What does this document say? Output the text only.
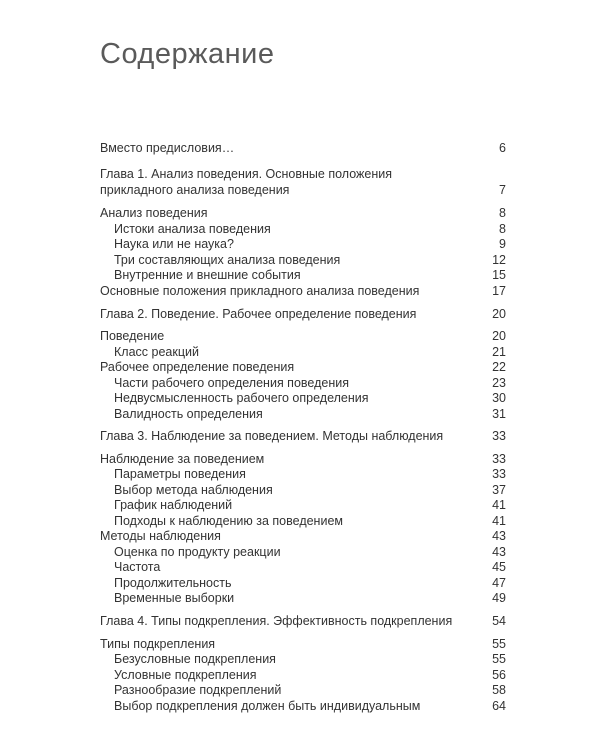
Содержание
Вместо предисловия…	6
Глава 1. Анализ поведения. Основные положения
прикладного анализа поведения	7
Анализ поведения	8
Истоки анализа поведения	8
Наука или не наука?	9
Три составляющих анализа поведения	12
Внутренние и внешние события	15
Основные положения прикладного анализа поведения	17
Глава 2. Поведение. Рабочее определение поведения	20
Поведение	20
Класс реакций	21
Рабочее определение поведения	22
Части рабочего определения поведения	23
Недвусмысленность рабочего определения	30
Валидность определения	31
Глава 3. Наблюдение за поведением. Методы наблюдения	33
Наблюдение за поведением	33
Параметры поведения	33
Выбор метода наблюдения	37
График наблюдений	41
Подходы к наблюдению за поведением	41
Методы наблюдения	43
Оценка по продукту реакции	43
Частота	45
Продолжительность	47
Временные выборки	49
Глава 4. Типы подкрепления. Эффективность подкрепления	54
Типы подкрепления	55
Безусловные подкрепления	55
Условные подкрепления	56
Разнообразие подкреплений	58
Выбор подкрепления должен быть индивидуальным	64
